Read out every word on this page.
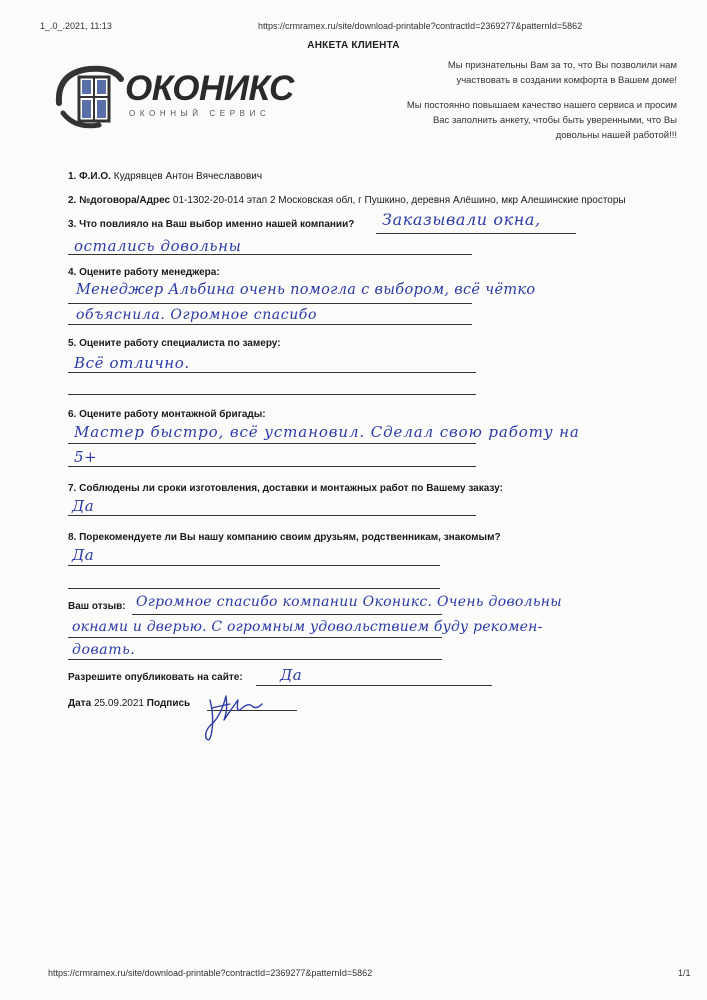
1_.0_.2021, 11:13	https://crmramex.ru/site/download-printable?contractId=2369277&patternId=5862
АНКЕТА КЛИЕНТА
ОКОНИКС
ОКОННЫЙ СЕРВИС
Мы признательны Вам за то, что Вы позволили нам
участвовать в создании комфорта в Вашем доме!
Мы постоянно повышаем качество нашего сервиса и просим
Вас заполнить анкету, чтобы быть уверенными, что Вы
довольны нашей работой!!!
1. Ф.И.О. Кудрявцев Антон Вячеславович
2. №договора/Адрес 01-1302-20-014 этап 2 Московская обл, г Пушкино, деревня Алёшино, мкр Алешинские просторы
3. Что повлияло на Ваш выбор именно нашей компании? Заказывали окна,
остались довольны
4. Оцените работу менеджера:
Менеджер Альбина очень помогла с выбором, всё чётко
объяснила. Огромное спасибо
5. Оцените работу специалиста по замеру:
Всё отлично.
6. Оцените работу монтажной бригады:
Мастер быстро, всё установил. Сделал свою работу на
5+
7. Соблюдены ли сроки изготовления, доставки и монтажных работ по Вашему заказу:
Да
8. Порекомендуете ли Вы нашу компанию своим друзьям, родственникам, знакомым?
Да
Ваш отзыв: Огромное спасибо компании Оконикс. Очень довольны
окнами и дверью. С огромным удовольствием буду рекомен-
довать.
Разрешите опубликовать на сайте: Да
Дата 25.09.2021 Подпись
https://crmramex.ru/site/download-printable?contractId=2369277&patternId=5862	1/1
